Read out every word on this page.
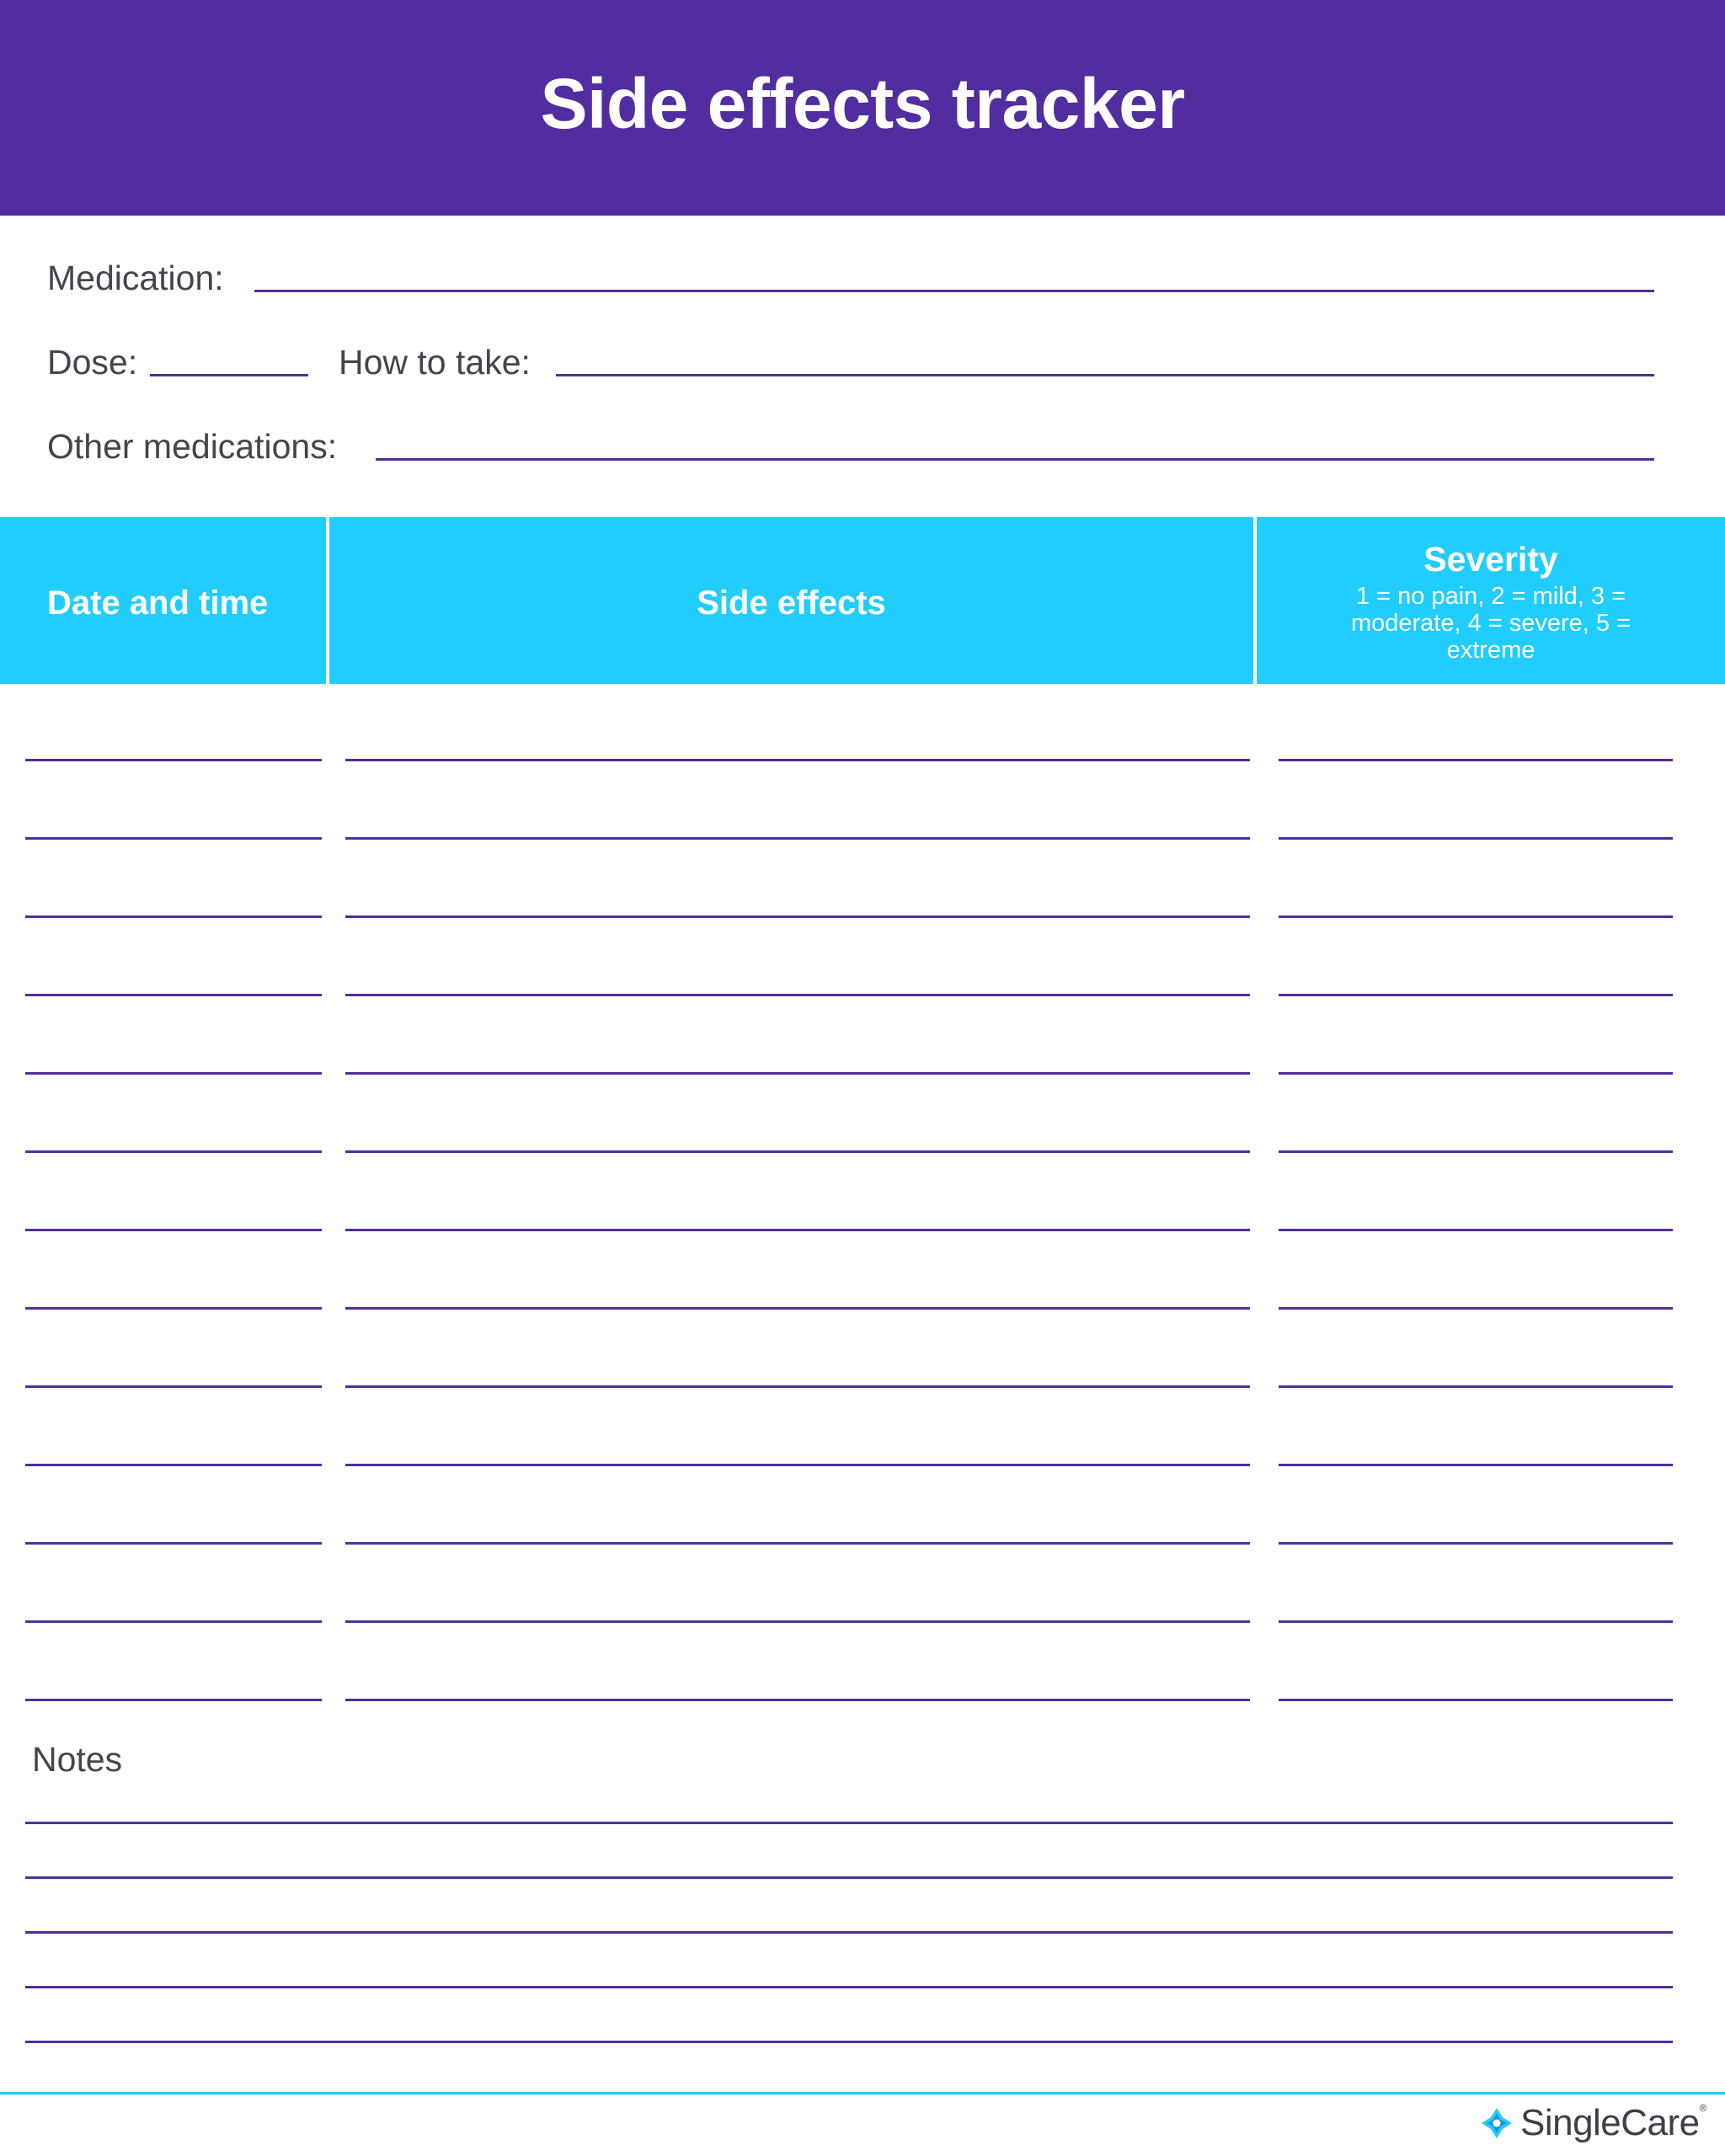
Side effects tracker
Medication:
Dose:	How to take:
Other medications:
Date and time	Side effects
Severity
1 = no pain, 2 = mild, 3 = moderate, 4 = severe, 5 = extreme
Notes
SingleCare®
